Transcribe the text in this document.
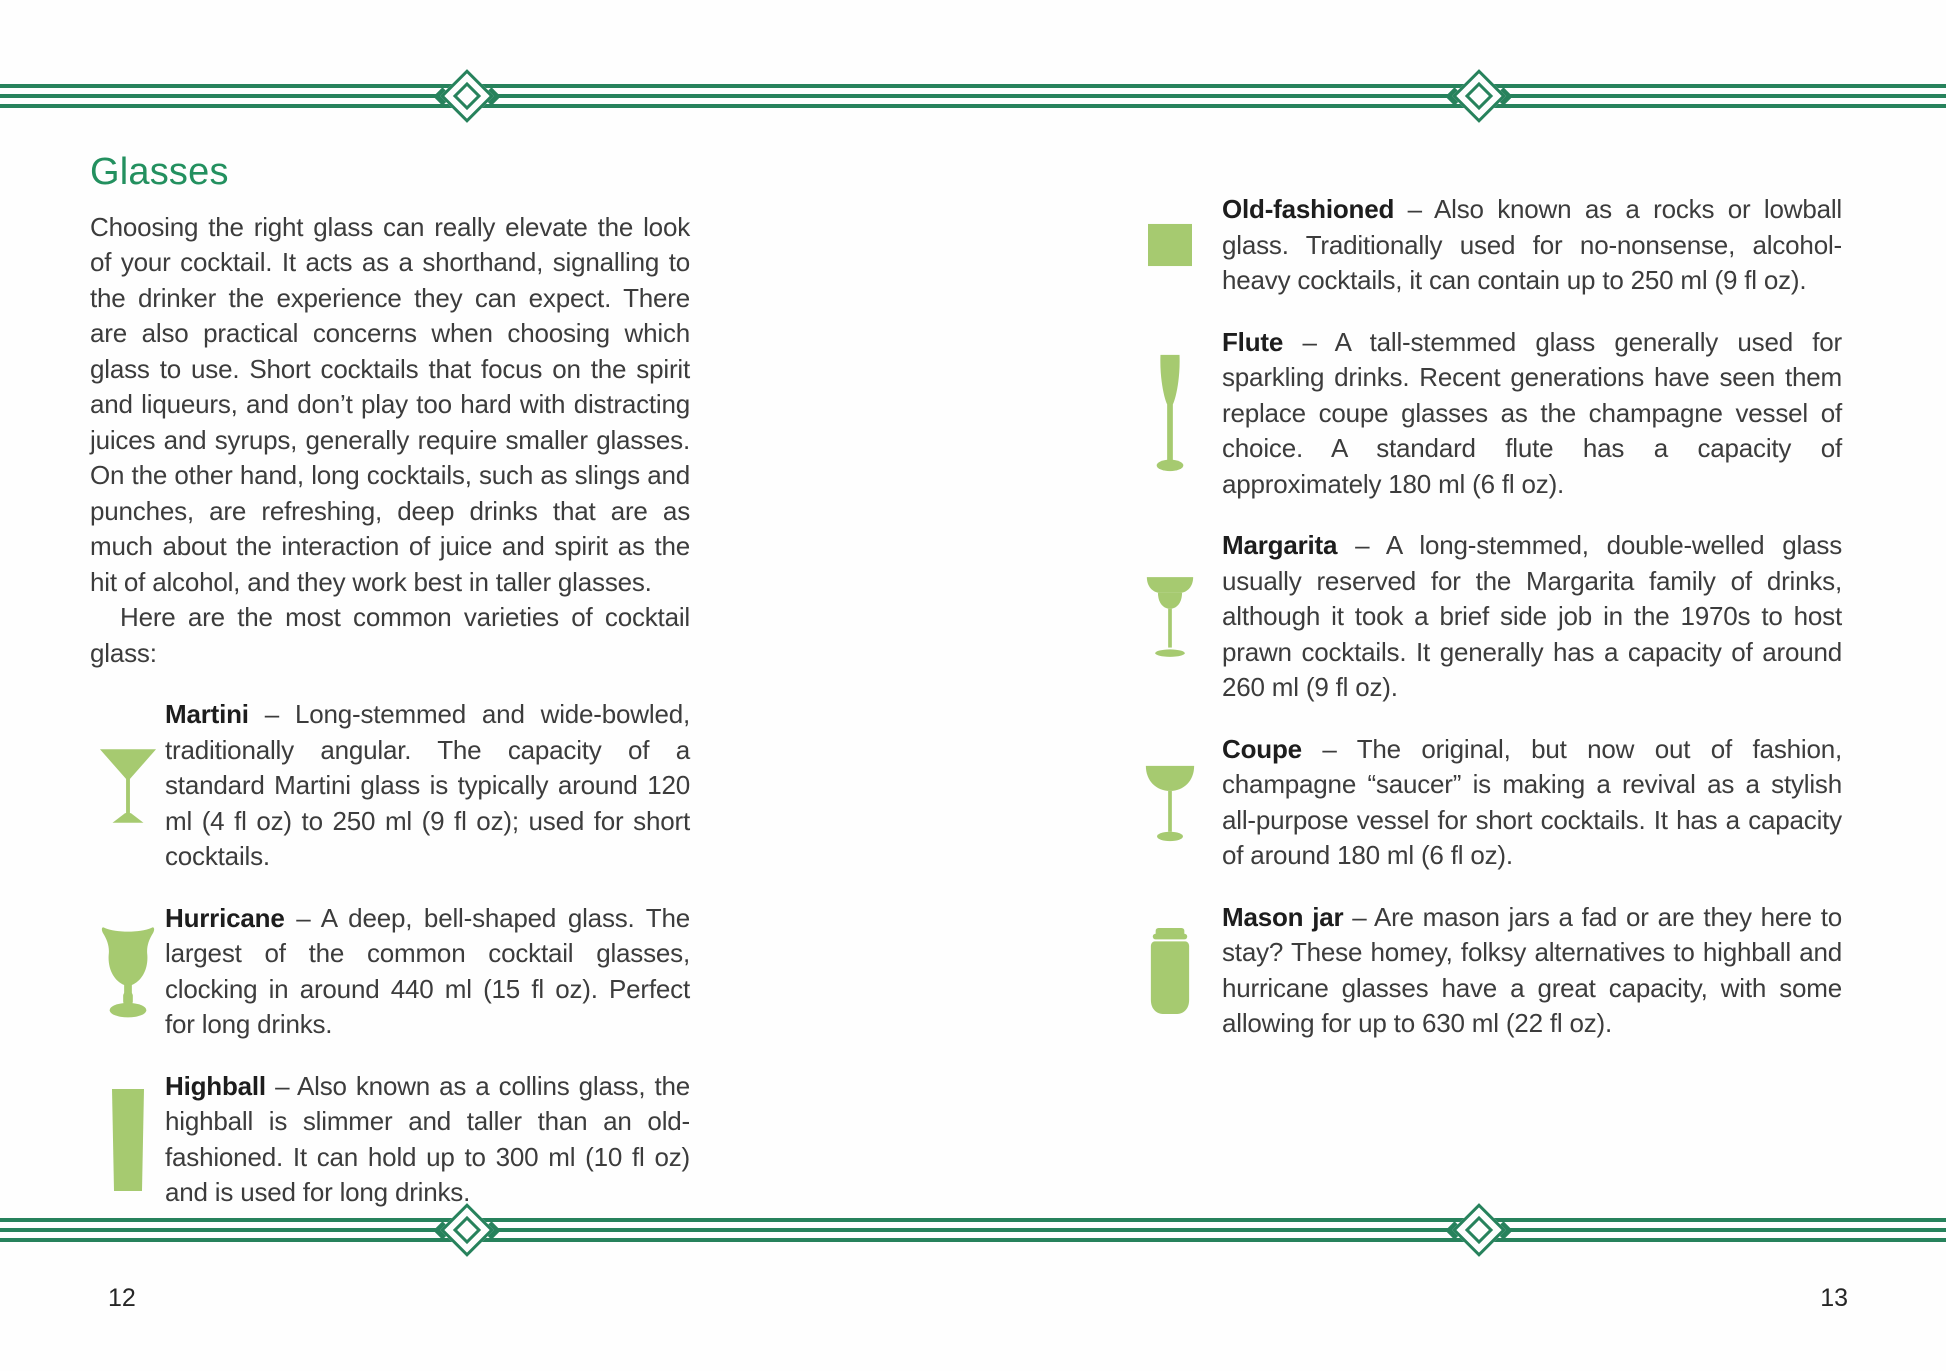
Glasses

Choosing the right glass can really elevate the look of your cocktail. It acts as a shorthand, signalling to the drinker the experience they can expect. There are also practical concerns when choosing which glass to use. Short cocktails that focus on the spirit and liqueurs, and don’t play too hard with distracting juices and syrups, generally require smaller glasses. On the other hand, long cocktails, such as slings and punches, are refreshing, deep drinks that are as much about the interaction of juice and spirit as the hit of alcohol, and they work best in taller glasses.

Here are the most common varieties of cocktail glass:

Martini – Long-stemmed and wide-bowled, traditionally angular. The capacity of a standard Martini glass is typically around 120 ml (4 fl oz) to 250 ml (9 fl oz); used for short cocktails.

Hurricane – A deep, bell-shaped glass. The largest of the common cocktail glasses, clocking in around 440 ml (15 fl oz). Perfect for long drinks.

Highball – Also known as a collins glass, the highball is slimmer and taller than an old-fashioned. It can hold up to 300 ml (10 fl oz) and is used for long drinks.

12

Old-fashioned – Also known as a rocks or lowball glass. Traditionally used for no-nonsense, alcohol-heavy cocktails, it can contain up to 250 ml (9 fl oz).

Flute – A tall-stemmed glass generally used for sparkling drinks. Recent generations have seen them replace coupe glasses as the champagne vessel of choice. A standard flute has a capacity of approximately 180 ml (6 fl oz).

Margarita – A long-stemmed, double-welled glass usually reserved for the Margarita family of drinks, although it took a brief side job in the 1970s to host prawn cocktails. It generally has a capacity of around 260 ml (9 fl oz).

Coupe – The original, but now out of fashion, champagne “saucer” is making a revival as a stylish all-purpose vessel for short cocktails. It has a capacity of around 180 ml (6 fl oz).

Mason jar – Are mason jars a fad or are they here to stay? These homey, folksy alternatives to highball and hurricane glasses have a great capacity, with some allowing for up to 630 ml (22 fl oz).

13
